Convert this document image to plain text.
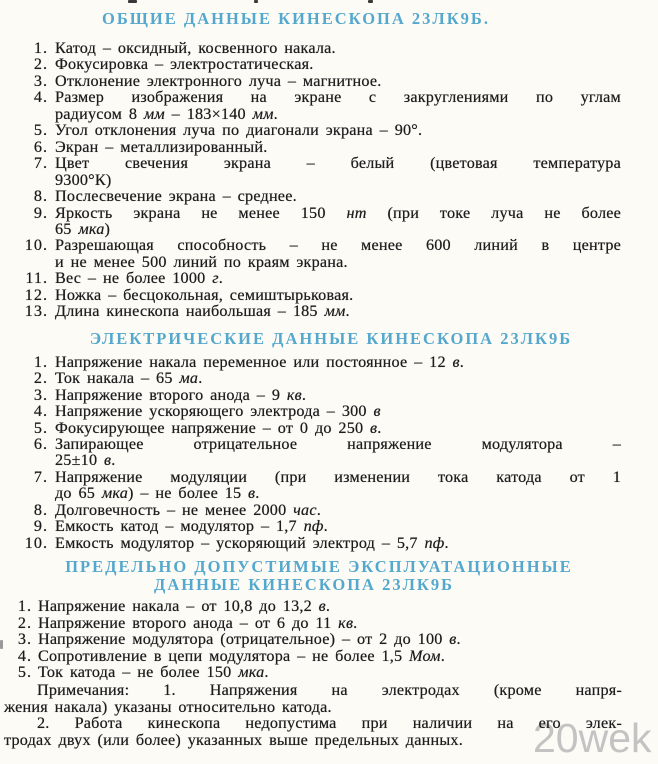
20wek
ОБЩИЕ ДАННЫЕ КИНЕСКОПА 23ЛК9Б.
1. Катод – оксидный, косвенного накала.
2. Фокусировка – электростатическая.
3. Отклонение электронного луча – магнитное.
4. Размер изображения на экране с закруглениями по углам
радиусом 8 мм – 183×140 мм.
5. Угол отклонения луча по диагонали экрана – 90°.
6. Экран – металлизированный.
7. Цвет свечения экрана – белый (цветовая температура
9300°К)
8. Послесвечение экрана – среднее.
9. Яркость экрана не менее 150 нт (при токе луча не более
65 мка)
10. Разрешающая способность – не менее 600 линий в центре
и не менее 500 линий по краям экрана.
11. Вес – не более 1000 г.
12. Ножка – бесцокольная, семиштырьковая.
13. Длина кинескопа наибольшая – 185 мм.
ЭЛЕКТРИЧЕСКИЕ ДАННЫЕ КИНЕСКОПА 23ЛК9Б
1. Напряжение накала переменное или постоянное – 12 в.
2. Ток накала – 65 ма.
3. Напряжение второго анода – 9 кв.
4. Напряжение ускоряющего электрода – 300 в
5. Фокусирующее напряжение – от 0 до 250 в.
6. Запирающее отрицательное напряжение модулятора –
25±10 в.
7. Напряжение модуляции (при изменении тока катода от 1
до 65 мка) – не более 15 в.
8. Долговечность – не менее 2000 час.
9. Емкость катод – модулятор – 1,7 пф.
10. Емкость модулятор – ускоряющий электрод – 5,7 пф.
ПРЕДЕЛЬНО ДОПУСТИМЫЕ ЭКСПЛУАТАЦИОННЫЕ
ДАННЫЕ КИНЕСКОПА 23ЛК9Б
1. Напряжение накала – от 10,8 до 13,2 в.
2. Напряжение второго анода – от 6 до 11 кв.
3. Напряжение модулятора (отрицательное) – от 2 до 100 в.
4. Сопротивление в цепи модулятора – не более 1,5 Мом.
5. Ток катода – не более 150 мка.
Примечания: 1. Напряжения на электродах (кроме напря-
жения накала) указаны относительно катода.
2. Работа кинескопа недопустима при наличии на его элек-
тродах двух (или более) указанных выше предельных данных.
